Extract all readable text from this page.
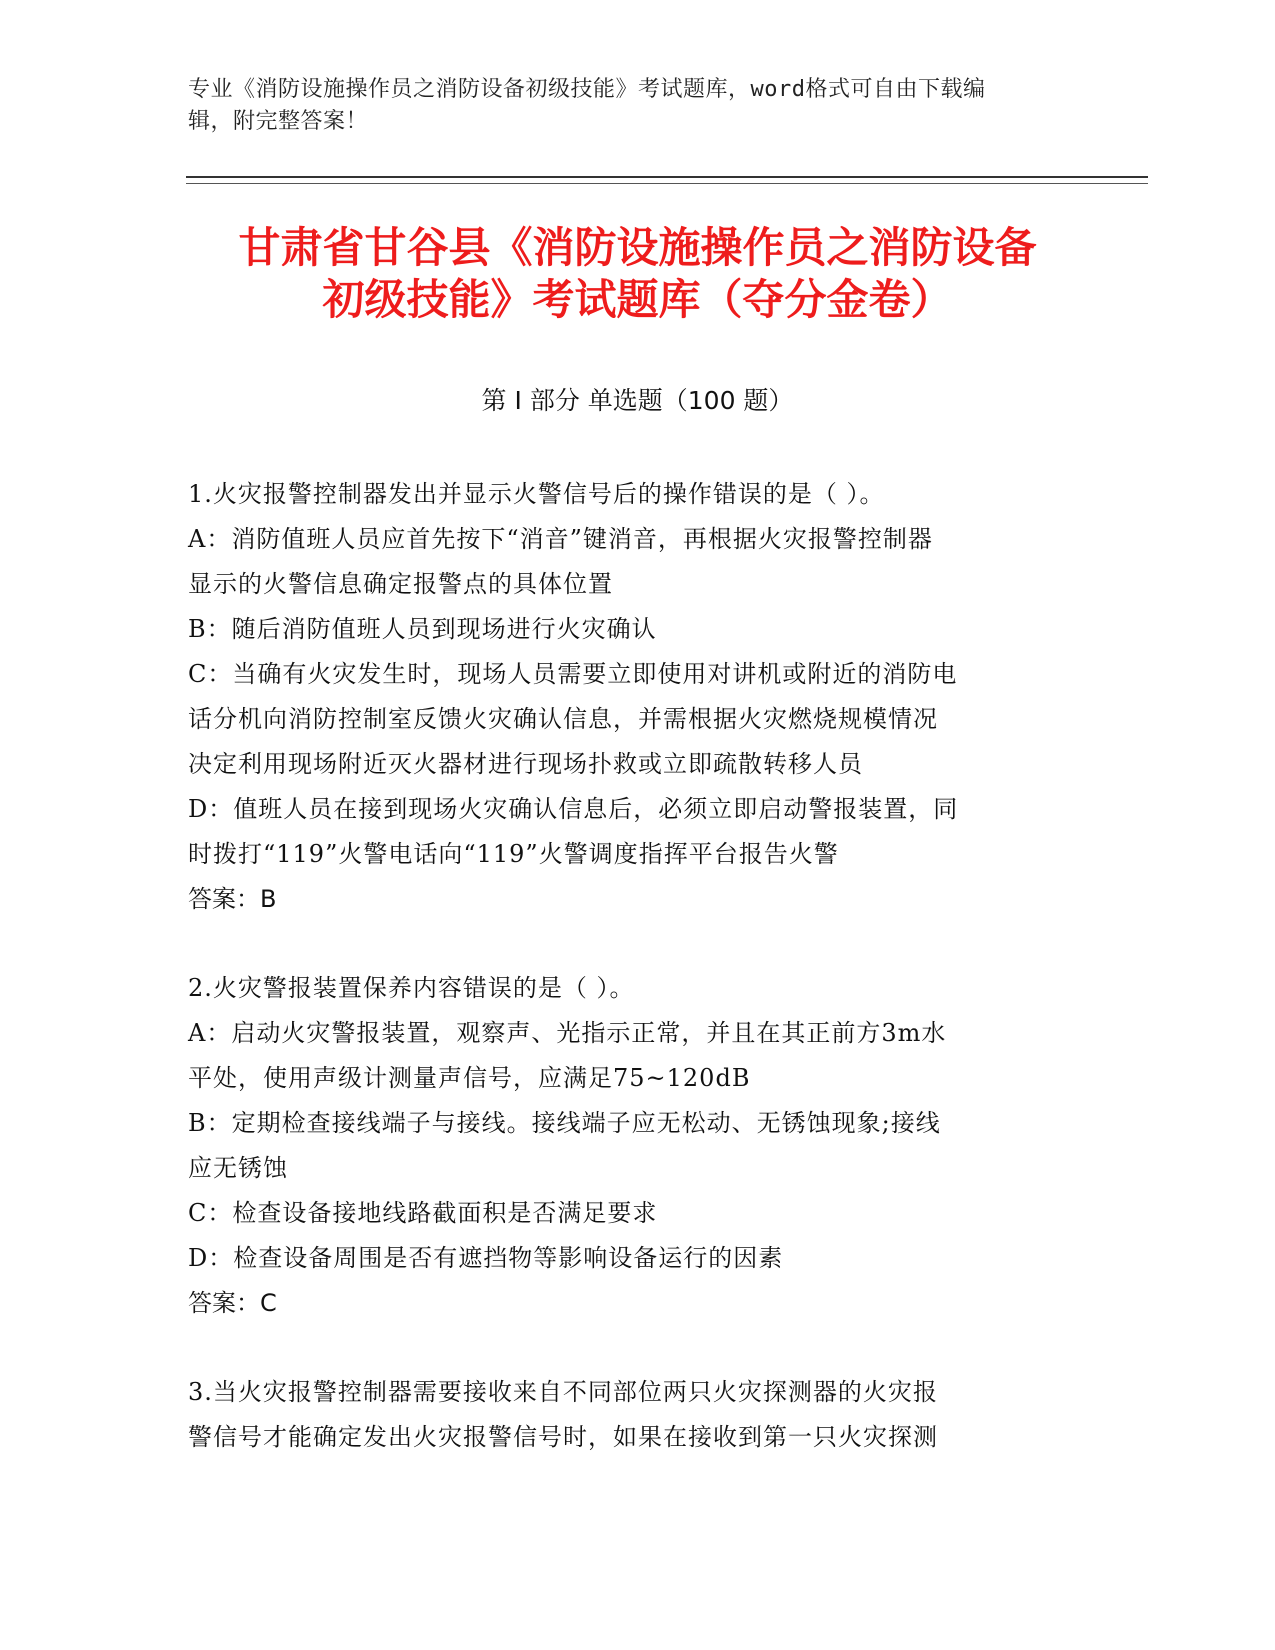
专业《消防设施操作员之消防设备初级技能》考试题库，word格式可自由下载编
辑，附完整答案！
甘肃省甘谷县《消防设施操作员之消防设备
初级技能》考试题库（夺分金卷）
第 I 部分 单选题（100 题）
1.火灾报警控制器发出并显示火警信号后的操作错误的是（ ）。
A：消防值班人员应首先按下“消音”键消音，再根据火灾报警控制器
显示的火警信息确定报警点的具体位置
B：随后消防值班人员到现场进行火灾确认
C：当确有火灾发生时，现场人员需要立即使用对讲机或附近的消防电
话分机向消防控制室反馈火灾确认信息，并需根据火灾燃烧规模情况
决定利用现场附近灭火器材进行现场扑救或立即疏散转移人员
D：值班人员在接到现场火灾确认信息后，必须立即启动警报装置，同
时拨打“119”火警电话向“119”火警调度指挥平台报告火警
答案：B
2.火灾警报装置保养内容错误的是（ ）。
A：启动火灾警报装置，观察声、光指示正常，并且在其正前方3m水
平处，使用声级计测量声信号，应满足75~120dB
B：定期检查接线端子与接线。接线端子应无松动、无锈蚀现象;接线
应无锈蚀
C：检查设备接地线路截面积是否满足要求
D：检查设备周围是否有遮挡物等影响设备运行的因素
答案：C
3.当火灾报警控制器需要接收来自不同部位两只火灾探测器的火灾报
警信号才能确定发出火灾报警信号时，如果在接收到第一只火灾探测
